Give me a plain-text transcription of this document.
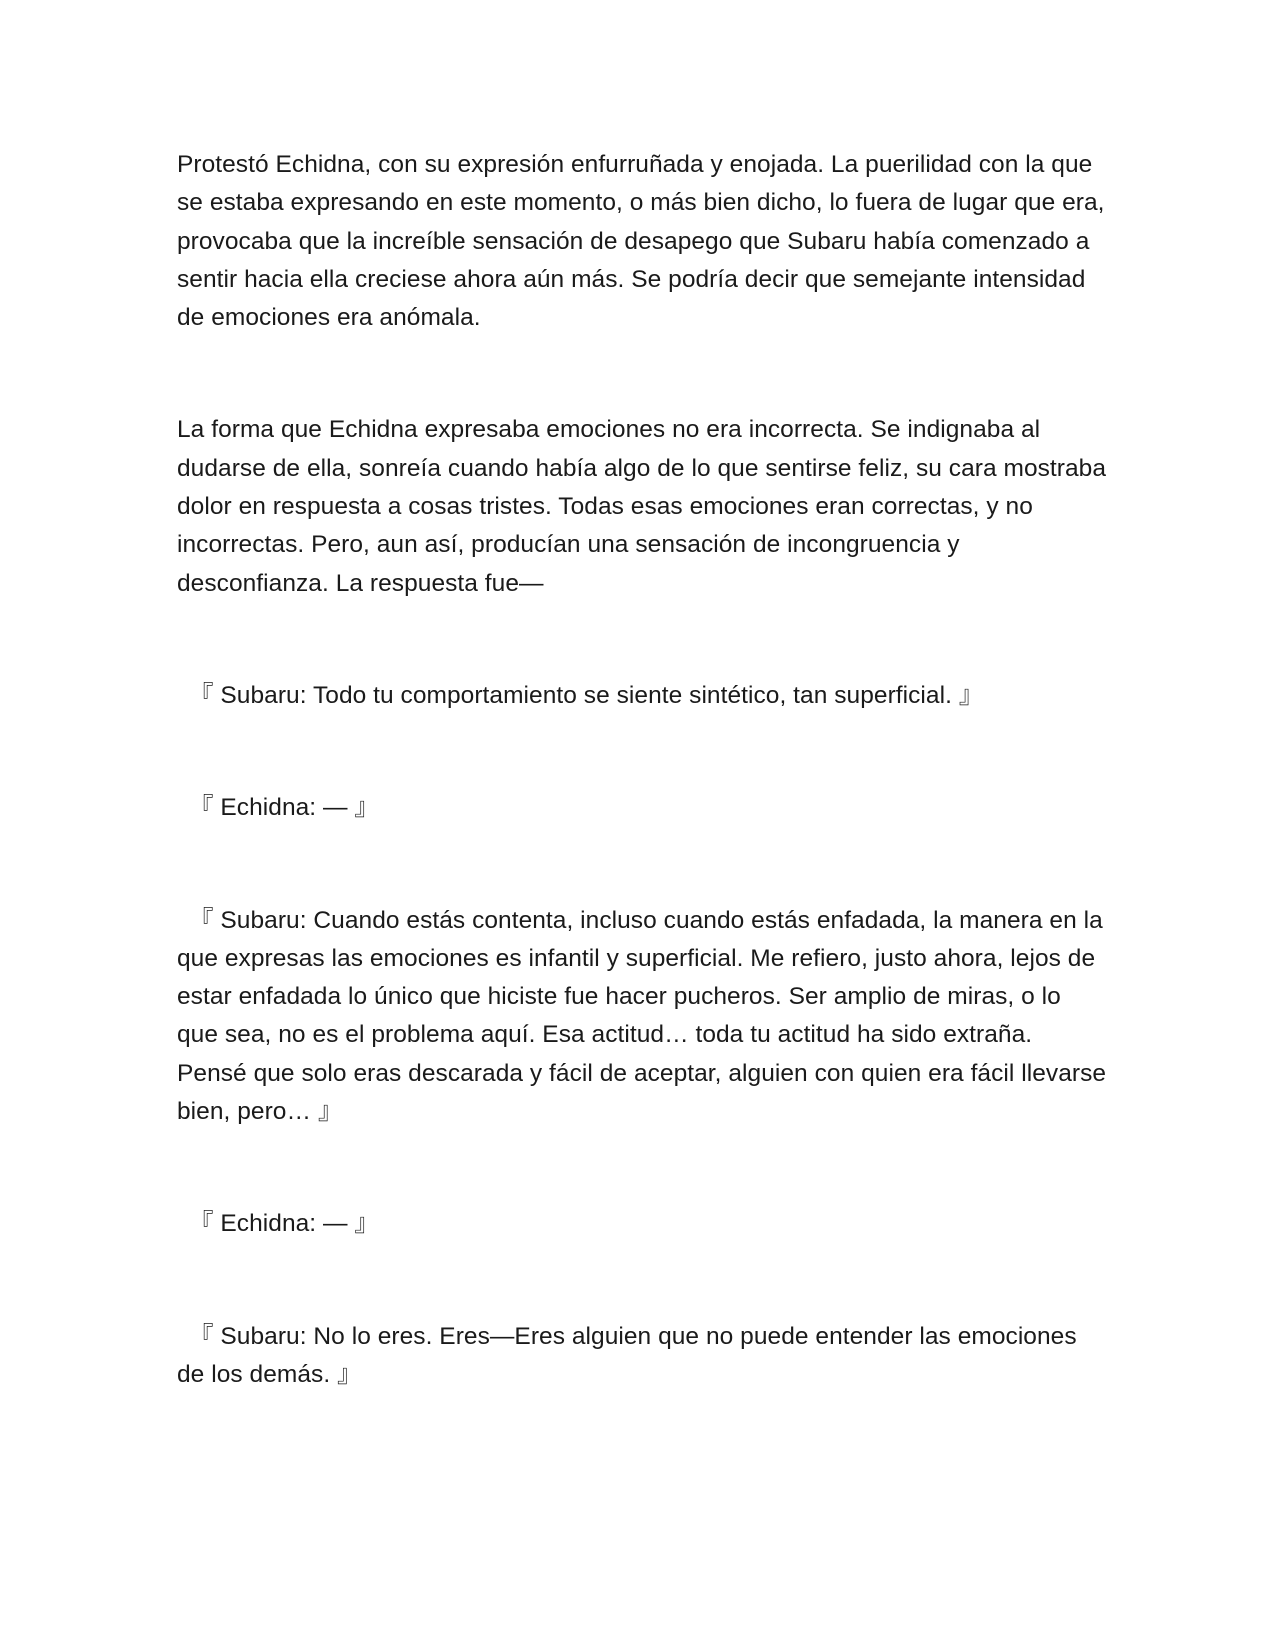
Protestó Echidna, con su expresión enfurruñada y enojada. La puerilidad con la que se estaba expresando en este momento, o más bien dicho, lo fuera de lugar que era, provocaba que la increíble sensación de desapego que Subaru había comenzado a sentir hacia ella creciese ahora aún más. Se podría decir que semejante intensidad de emociones era anómala.

La forma que Echidna expresaba emociones no era incorrecta. Se indignaba al dudarse de ella, sonreía cuando había algo de lo que sentirse feliz, su cara mostraba dolor en respuesta a cosas tristes. Todas esas emociones eran correctas, y no incorrectas. Pero, aun así, producían una sensación de incongruencia y desconfianza. La respuesta fue—

『 Subaru: Todo tu comportamiento se siente sintético, tan superficial. 』

『 Echidna: — 』

『 Subaru: Cuando estás contenta, incluso cuando estás enfadada, la manera en la que expresas las emociones es infantil y superficial. Me refiero, justo ahora, lejos de estar enfadada lo único que hiciste fue hacer pucheros. Ser amplio de miras, o lo que sea, no es el problema aquí. Esa actitud… toda tu actitud ha sido extraña. Pensé que solo eras descarada y fácil de aceptar, alguien con quien era fácil llevarse bien, pero… 』

『 Echidna: — 』

『 Subaru: No lo eres. Eres—Eres alguien que no puede entender las emociones de los demás. 』
